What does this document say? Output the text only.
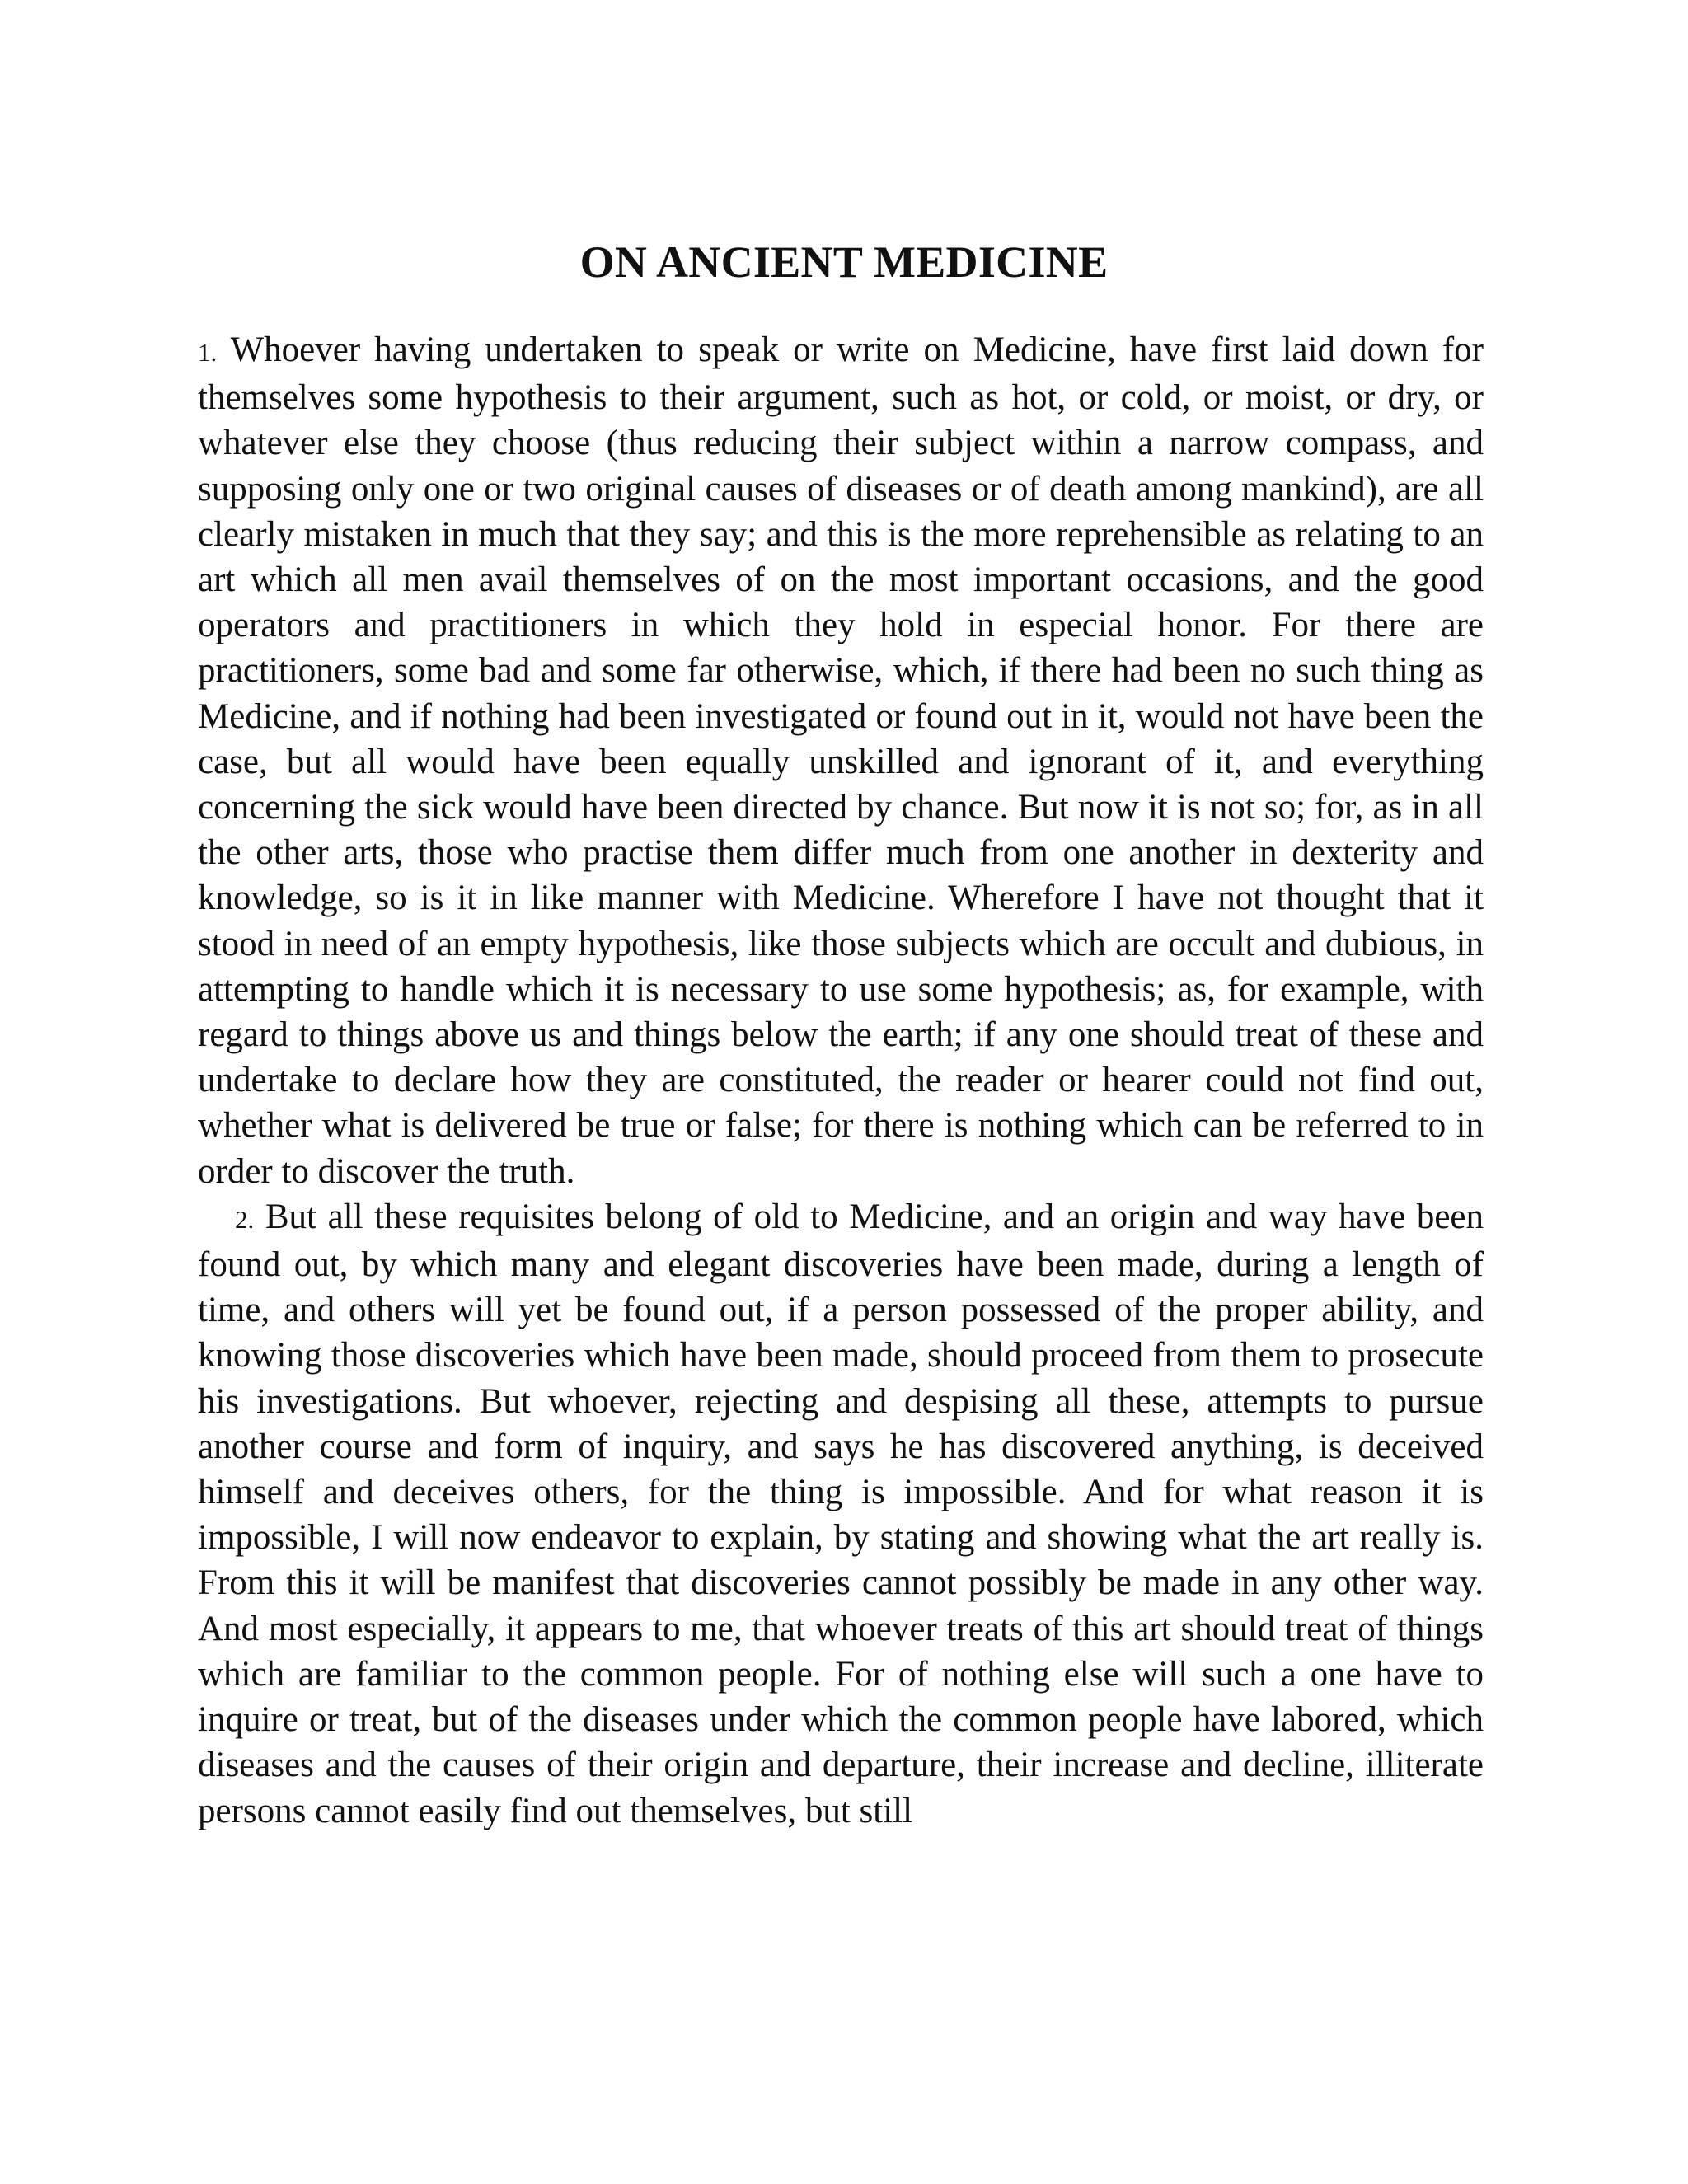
ON ANCIENT MEDICINE

1. Whoever having undertaken to speak or write on Medicine, have first laid down for themselves some hypothesis to their argument, such as hot, or cold, or moist, or dry, or whatever else they choose (thus reducing their subject within a narrow compass, and supposing only one or two original causes of diseases or of death among mankind), are all clearly mistaken in much that they say; and this is the more reprehensible as relating to an art which all men avail themselves of on the most important occasions, and the good operators and practitioners in which they hold in especial honor. For there are practitioners, some bad and some far otherwise, which, if there had been no such thing as Medicine, and if nothing had been investigated or found out in it, would not have been the case, but all would have been equally unskilled and ignorant of it, and everything concerning the sick would have been directed by chance. But now it is not so; for, as in all the other arts, those who practise them differ much from one another in dexterity and knowledge, so is it in like manner with Medicine. Wherefore I have not thought that it stood in need of an empty hypothesis, like those subjects which are occult and dubious, in attempting to handle which it is necessary to use some hypothesis; as, for example, with regard to things above us and things below the earth; if any one should treat of these and undertake to declare how they are constituted, the reader or hearer could not find out, whether what is delivered be true or false; for there is nothing which can be referred to in order to discover the truth.

2. But all these requisites belong of old to Medicine, and an origin and way have been found out, by which many and elegant discoveries have been made, during a length of time, and others will yet be found out, if a person possessed of the proper ability, and knowing those discoveries which have been made, should proceed from them to prosecute his investigations. But whoever, rejecting and despising all these, attempts to pursue another course and form of inquiry, and says he has discovered anything, is deceived himself and deceives others, for the thing is impossible. And for what reason it is impossible, I will now endeavor to explain, by stating and showing what the art really is. From this it will be manifest that discoveries cannot possibly be made in any other way. And most especially, it appears to me, that whoever treats of this art should treat of things which are familiar to the common people. For of nothing else will such a one have to inquire or treat, but of the diseases under which the common people have labored, which diseases and the causes of their origin and departure, their increase and decline, illiterate persons cannot easily find out themselves, but still
